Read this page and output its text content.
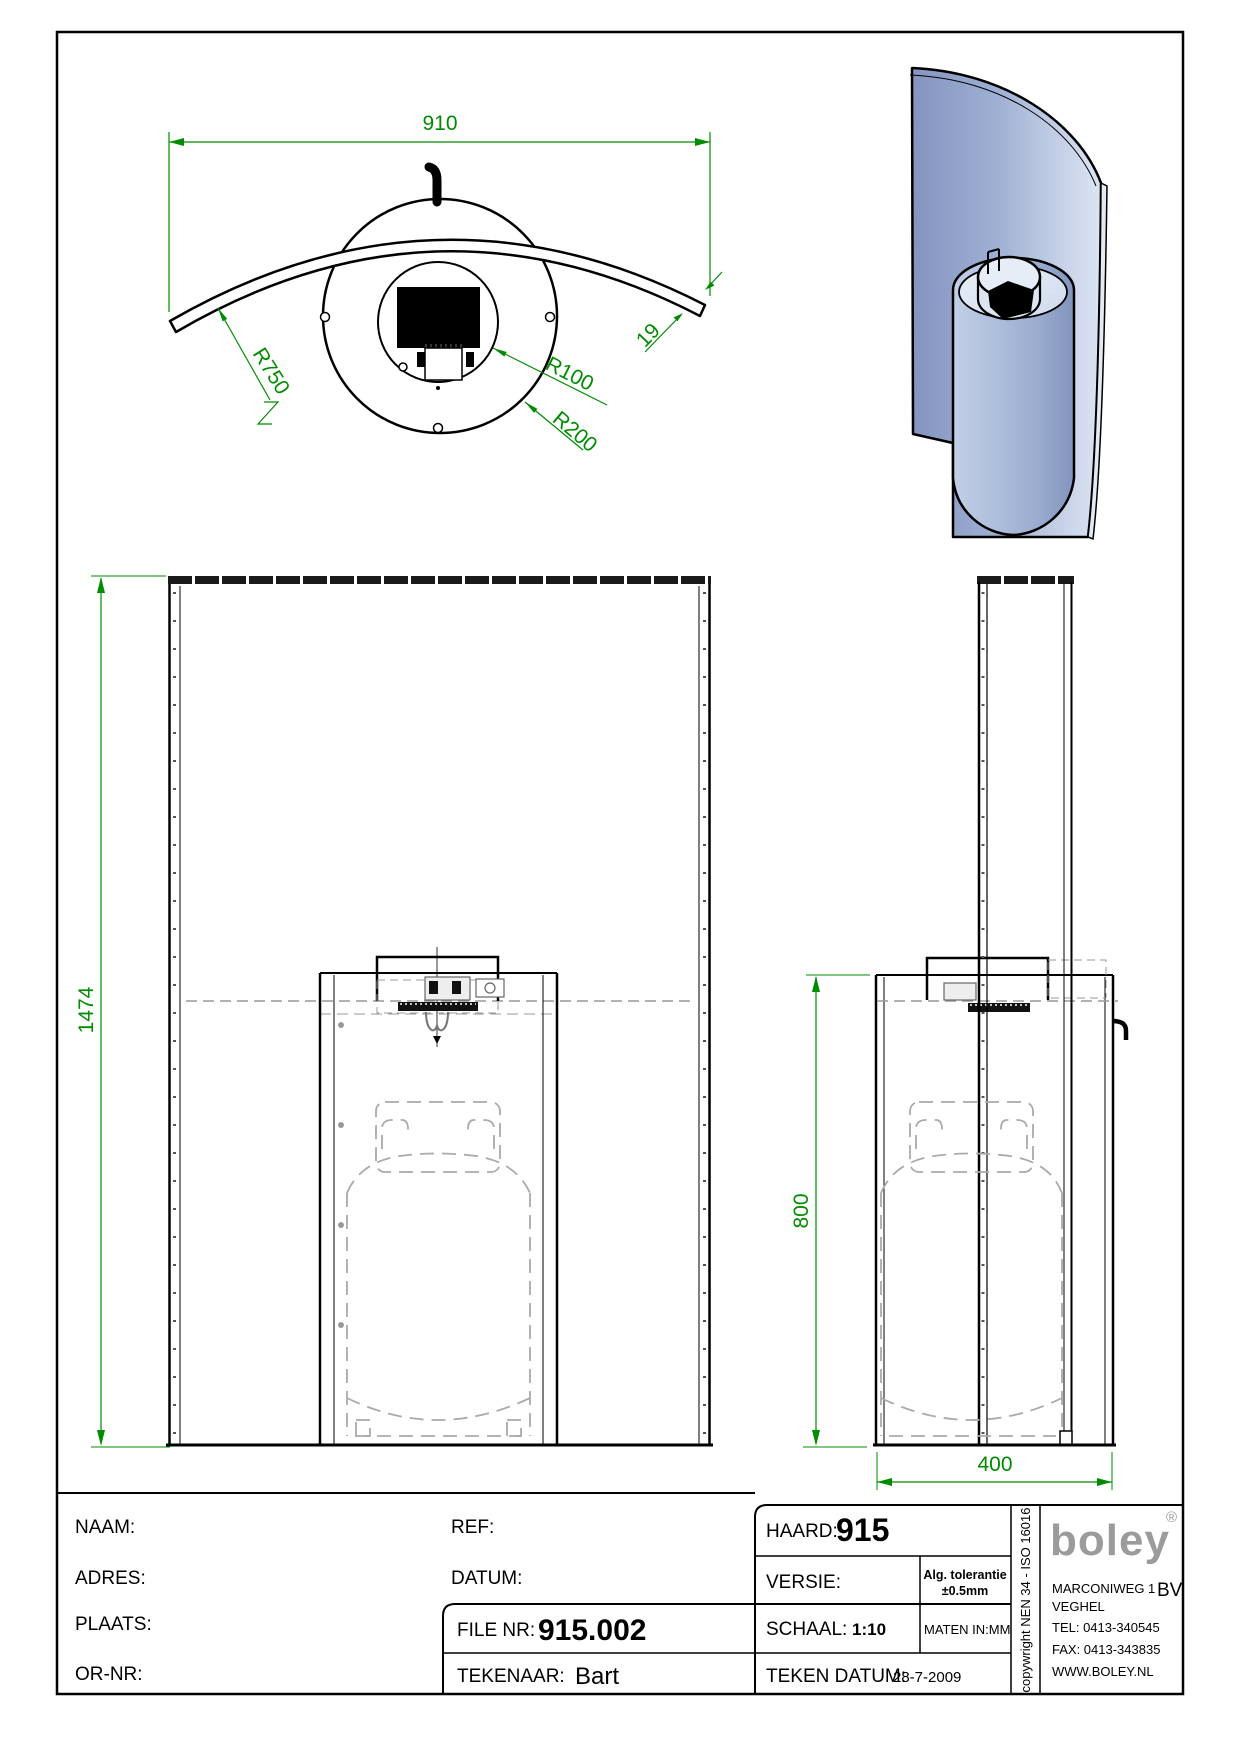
910
R750	R100
R200
19
1474
800
400
NAAM:
ADRES:
PLAATS:
OR-NR:
REF:
DATUM:
FILE NR: 915.002
TEKENAAR: Bart
HAARD:
915
VERSIE:	Alg. tolerantie
±0.5mm
SCHAAL: 1:10	MATEN IN:MM
TEKEN DATUM:
28-7-2009	copywright NEN 34 - ISO 16016 boley
®
MARCONIWEG 1 BV
VEGHEL
TEL: 0413-340545
FAX: 0413-343835
WWW.BOLEY.NL
